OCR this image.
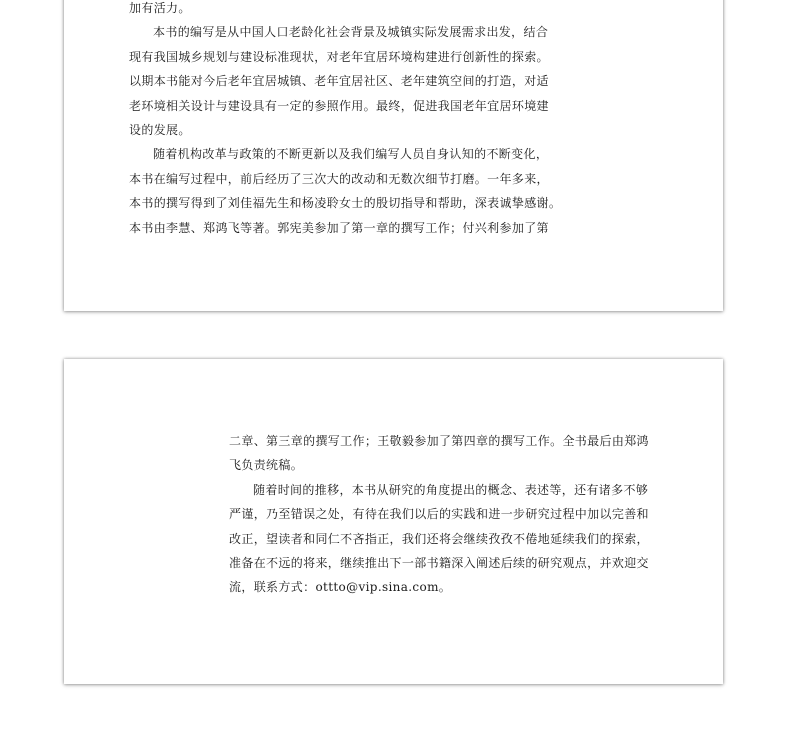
加有活力。
本书的编写是从中国人口老龄化社会背景及城镇实际发展需求出发，结合
现有我国城乡规划与建设标准现状，对老年宜居环境构建进行创新性的探索。
以期本书能对今后老年宜居城镇、老年宜居社区、老年建筑空间的打造，对适
老环境相关设计与建设具有一定的参照作用。最终，促进我国老年宜居环境建
设的发展。
随着机构改革与政策的不断更新以及我们编写人员自身认知的不断变化，
本书在编写过程中，前后经历了三次大的改动和无数次细节打磨。一年多来，
本书的撰写得到了刘佳福先生和杨凌聆女士的殷切指导和帮助，深表诚挚感谢。
本书由李慧、郑鸿飞等著。郭宪美参加了第一章的撰写工作；付兴利参加了第
二章、第三章的撰写工作；王敬毅参加了第四章的撰写工作。全书最后由郑鸿
飞负责统稿。
随着时间的推移，本书从研究的角度提出的概念、表述等，还有诸多不够
严谨，乃至错误之处，有待在我们以后的实践和进一步研究过程中加以完善和
改正，望读者和同仁不吝指正，我们还将会继续孜孜不倦地延续我们的探索，
准备在不远的将来，继续推出下一部书籍深入阐述后续的研究观点，并欢迎交
流，联系方式：ottto@vip.sina.com。
